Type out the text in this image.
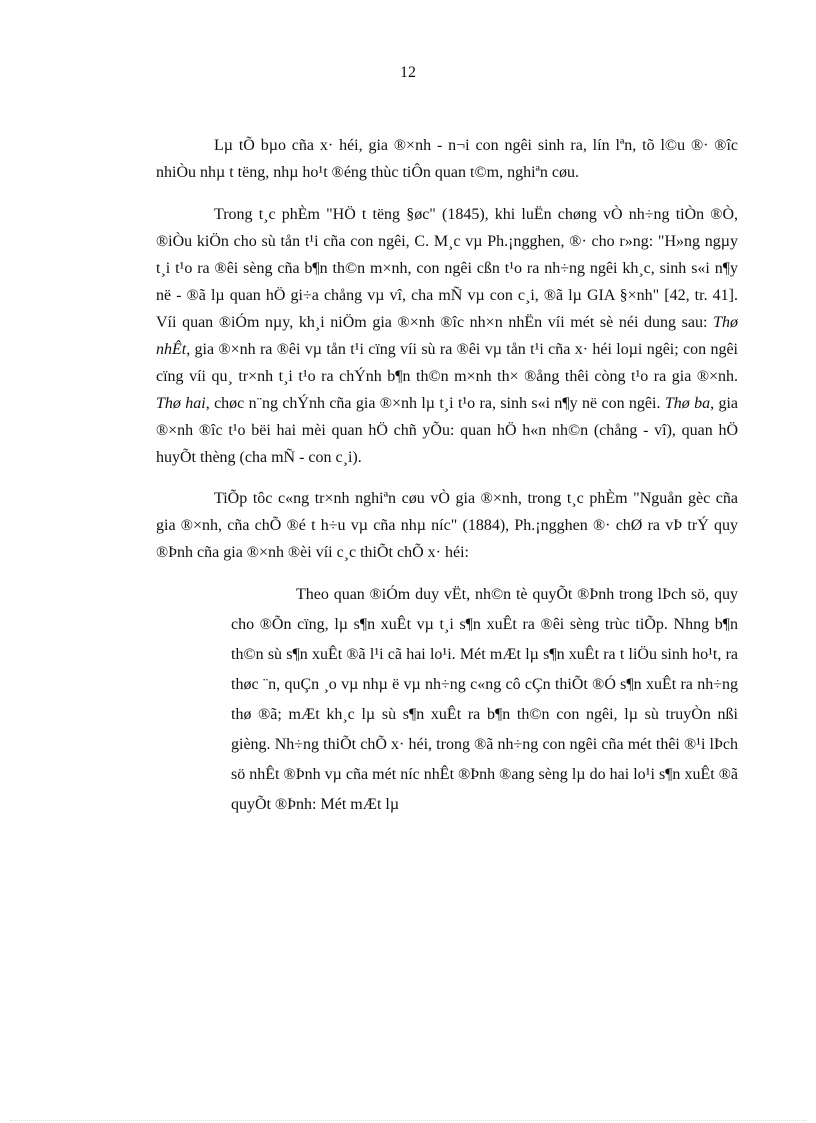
12

Lµ tÕ bµo cña x· héi, gia ®×nh - n¬i con ngêi sinh ra, lín lªn, tõ l©u ®· ®îc nhiÒu nhµ t tëng, nhµ ho¹t ®éng thùc tiÔn quan t©m, nghiªn cøu.

Trong t¸c phÈm "HÖ t tëng §øc" (1845), khi luËn chøng vÒ nh÷ng tiÒn ®Ò, ®iÒu kiÖn cho sù tån t¹i cña con ngêi, C. M¸c vµ Ph.¡ngghen, ®· cho r»ng: "H»ng ngµy t¸i t¹o ra ®êi sèng cña b¶n th©n m×nh, con ngêi cßn t¹o ra nh÷ng ngêi kh¸c, sinh s«i n¶y në - ®ã lµ quan hÖ gi÷a chång vµ vî, cha mÑ vµ con c¸i, ®ã lµ GIA §×nh" [42, tr. 41]. Víi quan ®iÓm nµy, kh¸i niÖm gia ®×nh ®îc nh×n nhËn víi mét sè néi dung sau: Thø nhÊt, gia ®×nh ra ®êi vµ tån t¹i cïng víi sù ra ®êi vµ tån t¹i cña x· héi loµi ngêi; con ngêi cïng víi qu¸ tr×nh t¸i t¹o ra chÝnh b¶n th©n m×nh th× ®ång thêi còng t¹o ra gia ®×nh. Thø hai, chøc n¨ng chÝnh cña gia ®×nh lµ t¸i t¹o ra, sinh s«i n¶y në con ngêi. Thø ba, gia ®×nh ®îc t¹o bëi hai mèi quan hÖ chñ yÕu: quan hÖ h«n nh©n (chång - vî), quan hÖ huyÕt thèng (cha mÑ - con c¸i).

TiÕp tôc c«ng tr×nh nghiªn cøu vÒ gia ®×nh, trong t¸c phÈm "Nguån gèc cña gia ®×nh, cña chÕ ®é t h÷u vµ cña nhµ níc" (1884), Ph.¡ngghen ®· chØ ra vÞ trÝ quy ®Þnh cña gia ®×nh ®èi víi c¸c thiÕt chÕ x· héi:

Theo quan ®iÓm duy vËt, nh©n tè quyÕt ®Þnh trong lÞch sö, quy cho ®Õn cïng, lµ s¶n xuÊt vµ t¸i s¶n xuÊt ra ®êi sèng trùc tiÕp. Nhng b¶n th©n sù s¶n xuÊt ®ã l¹i cã hai lo¹i. Mét mÆt lµ s¶n xuÊt ra t liÖu sinh ho¹t, ra thøc ¨n, quÇn ¸o vµ nhµ ë vµ nh÷ng c«ng cô cÇn thiÕt ®Ó s¶n xuÊt ra nh÷ng thø ®ã; mÆt kh¸c lµ sù s¶n xuÊt ra b¶n th©n con ngêi, lµ sù truyÒn nßi gièng. Nh÷ng thiÕt chÕ x· héi, trong ®ã nh÷ng con ngêi cña mét thêi ®¹i lÞch sö nhÊt ®Þnh vµ cña mét níc nhÊt ®Þnh ®ang sèng lµ do hai lo¹i s¶n xuÊt ®ã quyÕt ®Þnh: Mét mÆt lµ
